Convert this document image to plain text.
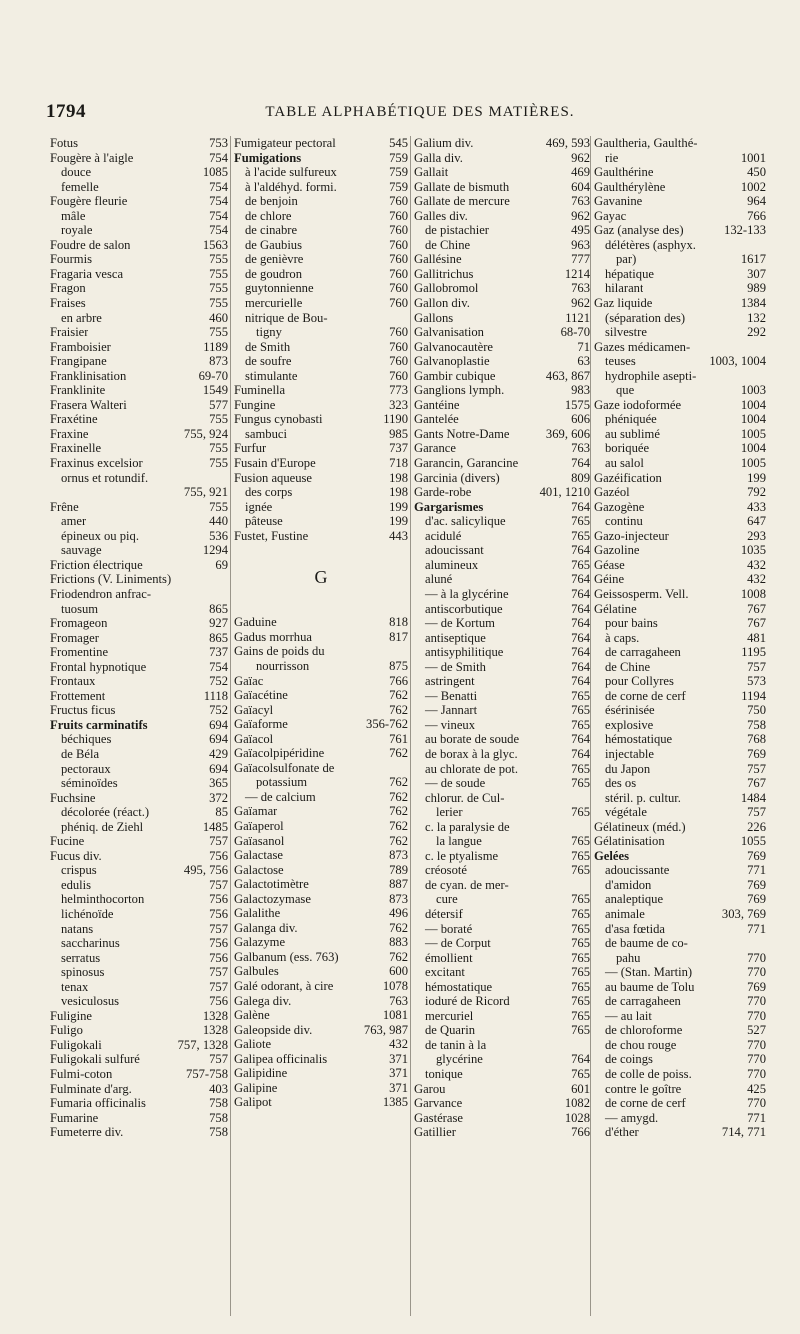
1794	TABLE ALPHABÉTIQUE DES MATIÈRES.
Fotus	753
Fougère à l'aigle	754
douce	1085
femelle	754
Fougère fleurie	754
mâle	754
royale	754
Foudre de salon	1563
Fourmis	755
Fragaria vesca	755
Fragon	755
Fraises	755
en arbre	460
Fraisier	755
Framboisier	1189
Frangipane	873
Franklinisation	69-70
Franklinite	1549
Frasera Walteri	577
Fraxétine	755
Fraxine	755, 924
Fraxinelle	755
Fraxinus excelsior	755
ornus et rotundif.
755, 921
Frêne	755
amer	440
épineux ou piq.	536
sauvage	1294
Friction électrique	69
Frictions (V. Liniments)
Friodendron anfrac-
tuosum	865
Fromageon	927
Fromager	865
Fromentine	737
Frontal hypnotique	754
Frontaux	752
Frottement	1118
Fructus ficus	752
Fruits carminatifs	694
béchiques	694
de Béla	429
pectoraux	694
séminoïdes	365
Fuchsine	372
décolorée (réact.)	85
phéniq. de Ziehl	1485
Fucine	757
Fucus div.	756
crispus	495, 756
edulis	757
helminthocorton	756
lichénoïde	756
natans	757
saccharinus	756
serratus	756
spinosus	757
tenax	757
vesiculosus	756
Fuligine	1328
Fuligo	1328
Fuligokali	757, 1328
Fuligokali sulfuré	757
Fulmi-coton	757-758
Fulminate d'arg.	403
Fumaria officinalis	758
Fumarine	758
Fumeterre div.	758
Fumigateur pectoral	545
Fumigations	759
à l'acide sulfureux	759
à l'aldéhyd. formi.	759
de benjoin	760
de chlore	760
de cinabre	760
de Gaubius	760
de genièvre	760
de goudron	760
guytonnienne	760
mercurielle	760
nitrique de Bou-
tigny	760
de Smith	760
de soufre	760
stimulante	760
Fuminella	773
Fungine	323
Fungus cynobasti	1190
sambuci	985
Furfur	737
Fusain d'Europe	718
Fusion aqueuse	198
des corps	198
ignée	199
pâteuse	199
Fustet, Fustine	443
G
Gaduine	818
Gadus morrhua	817
Gains de poids du
nourrisson	875
Gaïac	766
Gaïacétine	762
Gaïacyl	762
Gaïaforme	356-762
Gaïacol	761
Gaïacolpipéridine	762
Gaïacolsulfonate de
potassium	762
— de calcium	762
Gaïamar	762
Gaïaperol	762
Gaïasanol	762
Galactase	873
Galactose	789
Galactotimètre	887
Galactozymase	873
Galalithe	496
Galanga div.	762
Galazyme	883
Galbanum (ess. 763)	762
Galbules	600
Galé odorant, à cire	1078
Galega div.	763
Galène	1081
Galeopside div.	763, 987
Galiote	432
Galipea officinalis	371
Galipidine	371
Galipine	371
Galipot	1385
Galium div.	469, 593
Galla div.	962
Gallait	469
Gallate de bismuth	604
Gallate de mercure	763
Galles div.	962
de pistachier	495
de Chine	963
Gallésine	777
Gallitrichus	1214
Gallobromol	763
Gallon div.	962
Gallons	1121
Galvanisation	68-70
Galvanocautère	71
Galvanoplastie	63
Gambir cubique	463, 867
Ganglions lymph.	983
Gantéine	1575
Gantelée	606
Gants Notre-Dame	369, 606
Garance	763
Garancin, Garancine	764
Garcinia (divers)	809
Garde-robe	401, 1210
Gargarismes	764
d'ac. salicylique	765
acidulé	765
adoucissant	764
alumineux	765
aluné	764
— à la glycérine	764
antiscorbutique	764
— de Kortum	764
antiseptique	764
antisyphilitique	764
— de Smith	764
astringent	764
— Benatti	765
— Jannart	765
— vineux	765
au borate de soude	764
de borax à la glyc.	764
au chlorate de pot.	765
— de soude	765
chlorur. de Cul-
lerier	765
c. la paralysie de
la langue	765
c. le ptyalisme	765
créosoté	765
de cyan. de mer-
cure	765
détersif	765
— boraté	765
— de Corput	765
émollient	765
excitant	765
hémostatique	765
ioduré de Ricord	765
mercuriel	765
de Quarin	765
de tanin à la
glycérine	764
tonique	765
Garou	601
Garvance	1082
Gastérase	1028
Gatillier	766
Gaultheria, Gaulthé-
rie	1001
Gaulthérine	450
Gaulthérylène	1002
Gavanine	964
Gayac	766
Gaz (analyse des)	132-133
délétères (asphyx.
par)	1617
hépatique	307
hilarant	989
Gaz liquide	1384
(séparation des)	132
silvestre	292
Gazes médicamen-
teuses	1003, 1004
hydrophile asepti-
que	1003
Gaze iodoformée	1004
phéniquée	1004
au sublimé	1005
boriquée	1004
au salol	1005
Gazéification	199
Gazéol	792
Gazogène	433
continu	647
Gazo-injecteur	293
Gazoline	1035
Géase	432
Géine	432
Geissosperm. Vell.	1008
Gélatine	767
pour bains	767
à caps.	481
de carragaheen	1195
de Chine	757
pour Collyres	573
de corne de cerf	1194
ésérinisée	750
explosive	758
hémostatique	768
injectable	769
du Japon	757
des os	767
stéril. p. cultur.	1484
végétale	757
Gélatineux (méd.)	226
Gélatinisation	1055
Gelées	769
adoucissante	771
d'amidon	769
analeptique	769
animale	303, 769
d'asa fœtida	771
de baume de co-
pahu	770
— (Stan. Martin)	770
au baume de Tolu	769
de carragaheen	770
— au lait	770
de chloroforme	527
de chou rouge	770
de coings	770
de colle de poiss.	770
contre le goître	425
de corne de cerf	770
— amygd.	771
d'éther	714, 771
